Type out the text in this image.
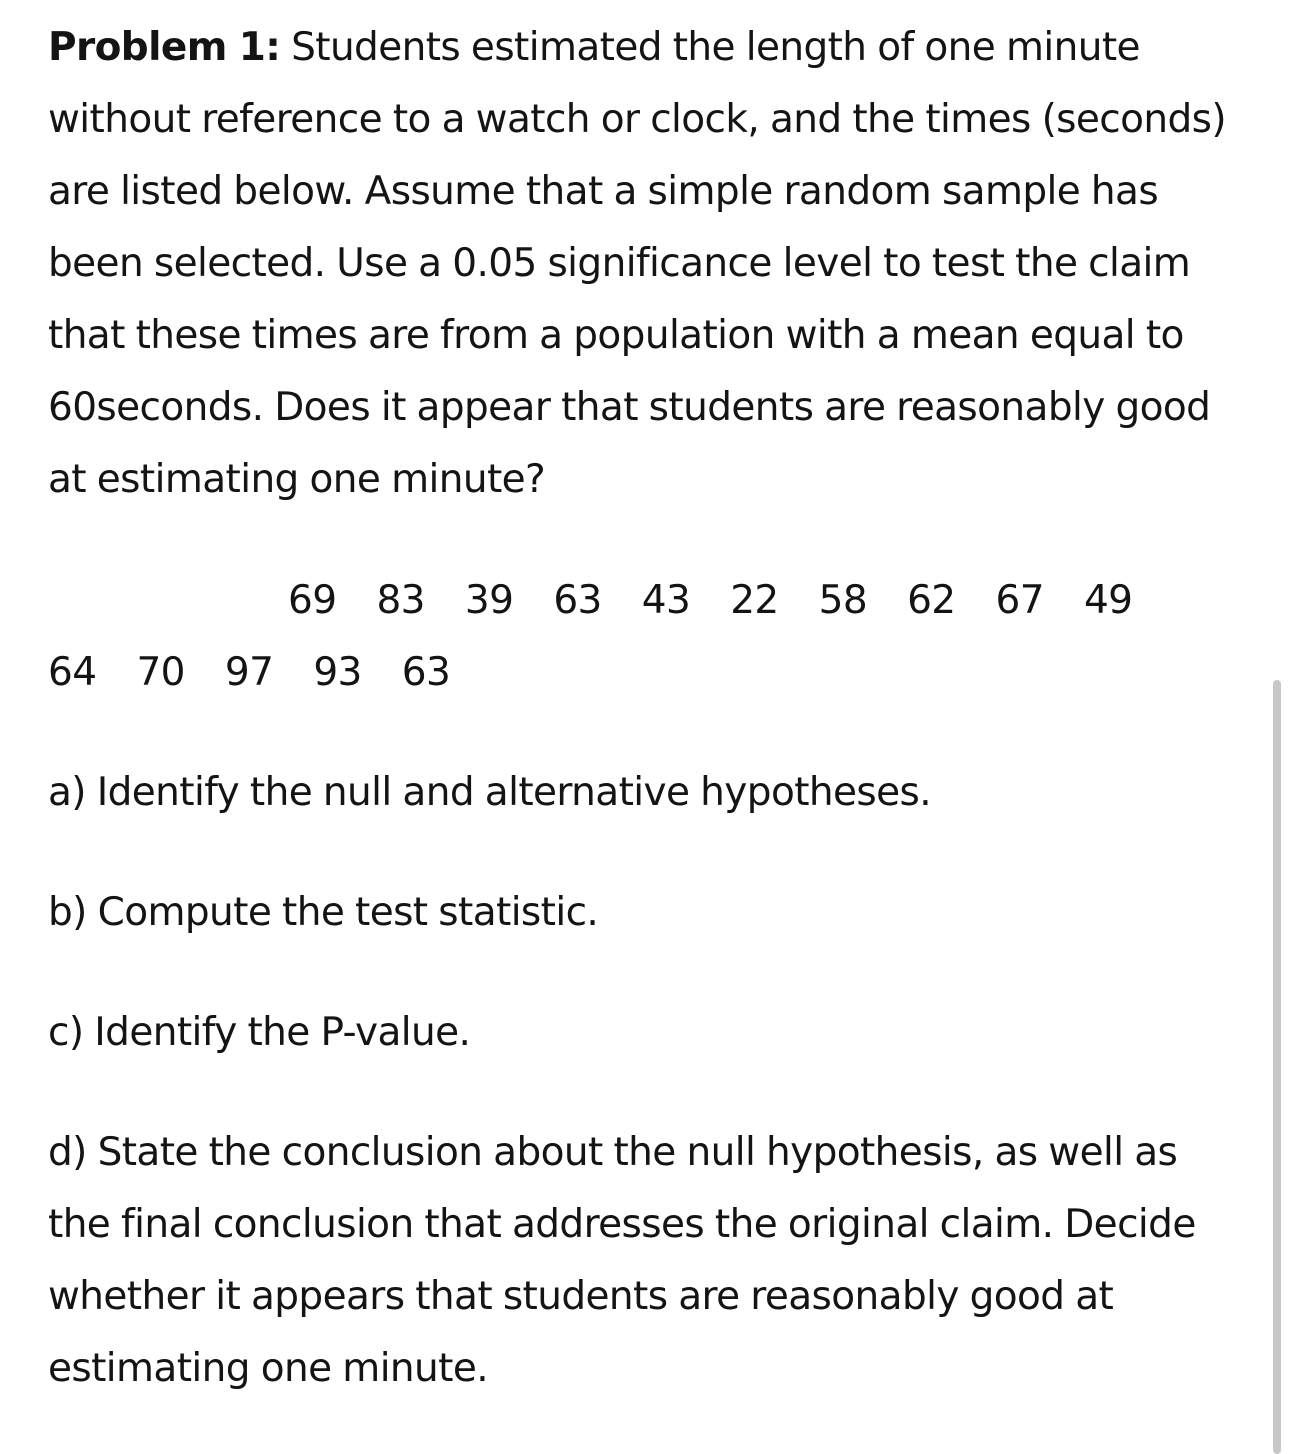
Problem 1: Students estimated the length of one minute without reference to a watch or clock, and the times (seconds) are listed below. Assume that a simple random sample has been selected. Use a 0.05 significance level to test the claim that these times are from a population with a mean equal to 60seconds. Does it appear that students are reasonably good at estimating one minute?

69 83 39 63 43 22 58 62 67 49
64 70 97 93 63

a) Identify the null and alternative hypotheses.

b) Compute the test statistic.

c) Identify the P-value.

d) State the conclusion about the null hypothesis, as well as the final conclusion that addresses the original claim. Decide whether it appears that students are reasonably good at estimating one minute.
